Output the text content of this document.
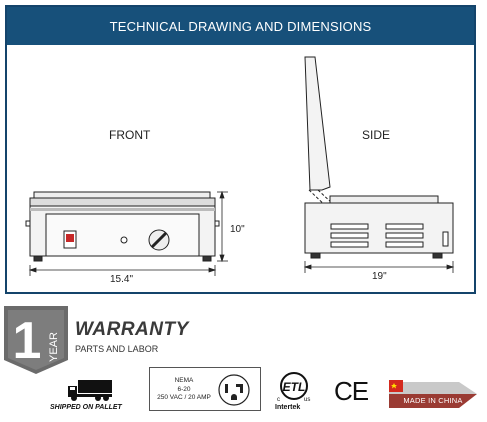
TECHNICAL DRAWING AND DIMENSIONS
FRONT	SIDE
15.4"
10"
19"
1 YEAR
WARRANTY
PARTS AND LABOR
SHIPPED ON PALLET
NEMA
6-20
250 VAC / 20 AMP
ETL
c	us
Intertek
CE	MADE IN CHINA
